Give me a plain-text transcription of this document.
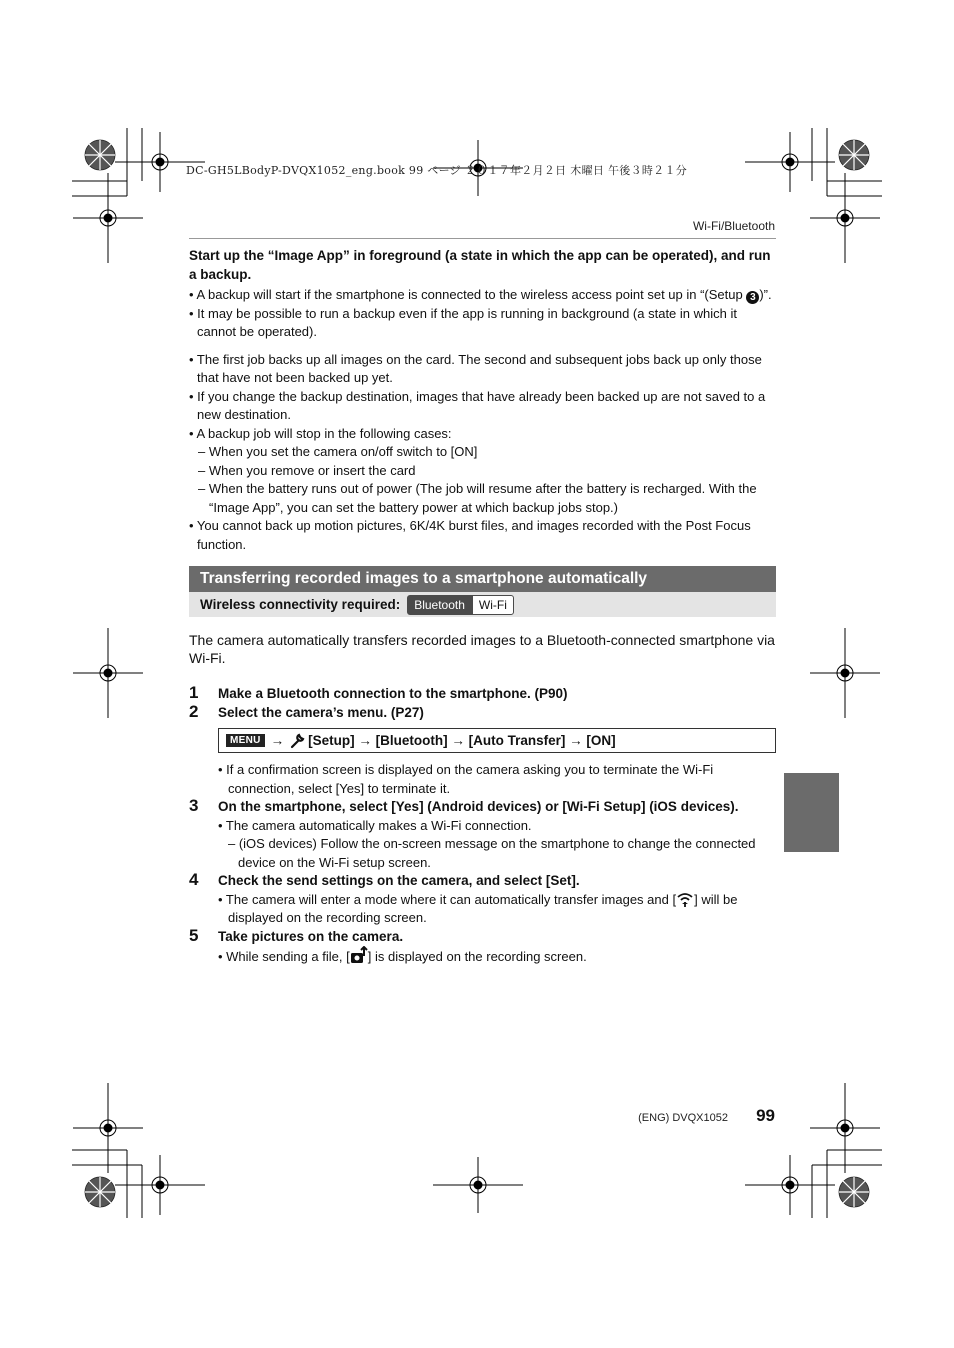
DC-GH5LBodyP-DVQX1052_eng.book 99 ページ ２０１７年２月２日 木曜日 午後３時２１分
Wi-Fi/Bluetooth

Start up the “Image App” in foreground (a state in which the app can be operated), and run a backup.

• A backup will start if the smartphone is connected to the wireless access point set up in “(Setup 3 )”.

• It may be possible to run a backup even if the app is running in background (a state in which it cannot be operated).

• The first job backs up all images on the card. The second and subsequent jobs back up only those that have not been backed up yet.

• If you change the backup destination, images that have already been backed up are not saved to a new destination.

• A backup job will stop in the following cases:

– When you set the camera on/off switch to [ON]

– When you remove or insert the card

– When the battery runs out of power (The job will resume after the battery is recharged. With the “Image App”, you can set the battery power at which backup jobs stop.)

• You cannot back up motion pictures, 6K/4K burst files, and images recorded with the Post Focus function.

Transferring recorded images to a smartphone automatically
Wireless connectivity required:	Bluetooth	Wi-Fi

The camera automatically transfers recorded images to a Bluetooth-connected smartphone via Wi-Fi.

1 Make a Bluetooth connection to the smartphone. (P90)
2 Select the camera’s menu. (P27)
MENU → [Setup] → [Bluetooth] → [Auto Transfer] → [ON]

• If a confirmation screen is displayed on the camera asking you to terminate the Wi-Fi connection, select [Yes] to terminate it.

3 On the smartphone, select [Yes] (Android devices) or [Wi-Fi Setup] (iOS devices).

• The camera automatically makes a Wi-Fi connection.

– (iOS devices) Follow the on-screen message on the smartphone to change the connected device on the Wi-Fi setup screen.

4 Check the send settings on the camera, and select [Set].

• The camera will enter a mode where it can automatically transfer images and [ ] will be displayed on the recording screen.

5 Take pictures on the camera.

• While sending a file, [ ] is displayed on the recording screen.

(ENG) DVQX1052 99
